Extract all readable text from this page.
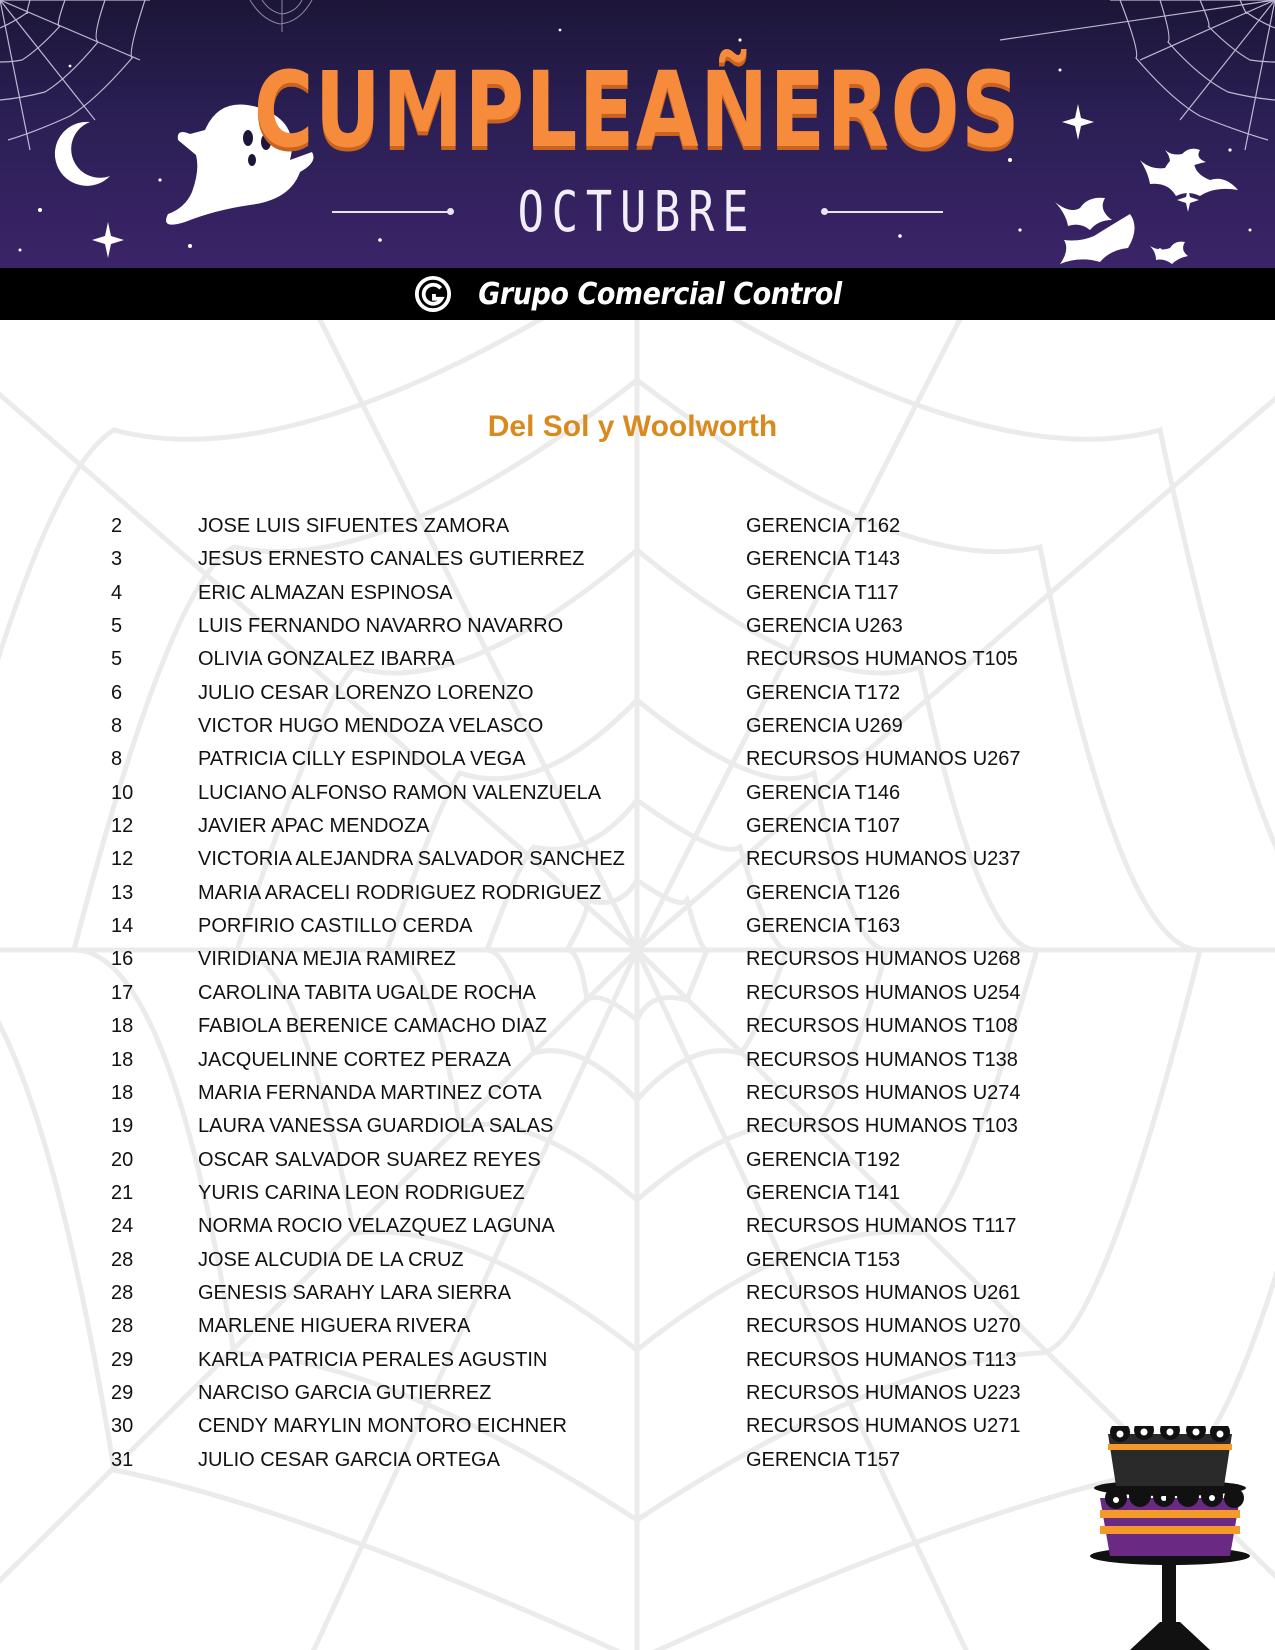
CUMPLEAÑEROS
OCTUBRE
Grupo Comercial Control
Del Sol y Woolworth
2	JOSE LUIS SIFUENTES ZAMORA	GERENCIA T162
3	JESUS ERNESTO CANALES GUTIERREZ	GERENCIA T143
4	ERIC ALMAZAN ESPINOSA	GERENCIA T117
5	LUIS FERNANDO NAVARRO NAVARRO	GERENCIA U263
5	OLIVIA GONZALEZ IBARRA	RECURSOS HUMANOS T105
6	JULIO CESAR LORENZO LORENZO	GERENCIA T172
8	VICTOR HUGO MENDOZA VELASCO	GERENCIA U269
8	PATRICIA CILLY ESPINDOLA VEGA	RECURSOS HUMANOS U267
10	LUCIANO ALFONSO RAMON VALENZUELA	GERENCIA T146
12	JAVIER APAC MENDOZA	GERENCIA T107
12	VICTORIA ALEJANDRA SALVADOR SANCHEZ	RECURSOS HUMANOS U237
13	MARIA ARACELI RODRIGUEZ RODRIGUEZ	GERENCIA T126
14	PORFIRIO CASTILLO CERDA	GERENCIA T163
16	VIRIDIANA MEJIA RAMIREZ	RECURSOS HUMANOS U268
17	CAROLINA TABITA UGALDE ROCHA	RECURSOS HUMANOS U254
18	FABIOLA BERENICE CAMACHO DIAZ	RECURSOS HUMANOS T108
18	JACQUELINNE CORTEZ PERAZA	RECURSOS HUMANOS T138
18	MARIA FERNANDA MARTINEZ COTA	RECURSOS HUMANOS U274
19	LAURA VANESSA GUARDIOLA SALAS	RECURSOS HUMANOS T103
20	OSCAR SALVADOR SUAREZ REYES	GERENCIA T192
21	YURIS CARINA LEON RODRIGUEZ	GERENCIA T141
24	NORMA ROCIO VELAZQUEZ LAGUNA	RECURSOS HUMANOS T117
28	JOSE ALCUDIA DE LA CRUZ	GERENCIA T153
28	GENESIS SARAHY LARA SIERRA	RECURSOS HUMANOS U261
28	MARLENE HIGUERA RIVERA	RECURSOS HUMANOS U270
29	KARLA PATRICIA PERALES AGUSTIN	RECURSOS HUMANOS T113
29	NARCISO GARCIA GUTIERREZ	RECURSOS HUMANOS U223
30	CENDY MARYLIN MONTORO EICHNER	RECURSOS HUMANOS U271
31	JULIO CESAR GARCIA ORTEGA	GERENCIA T157
